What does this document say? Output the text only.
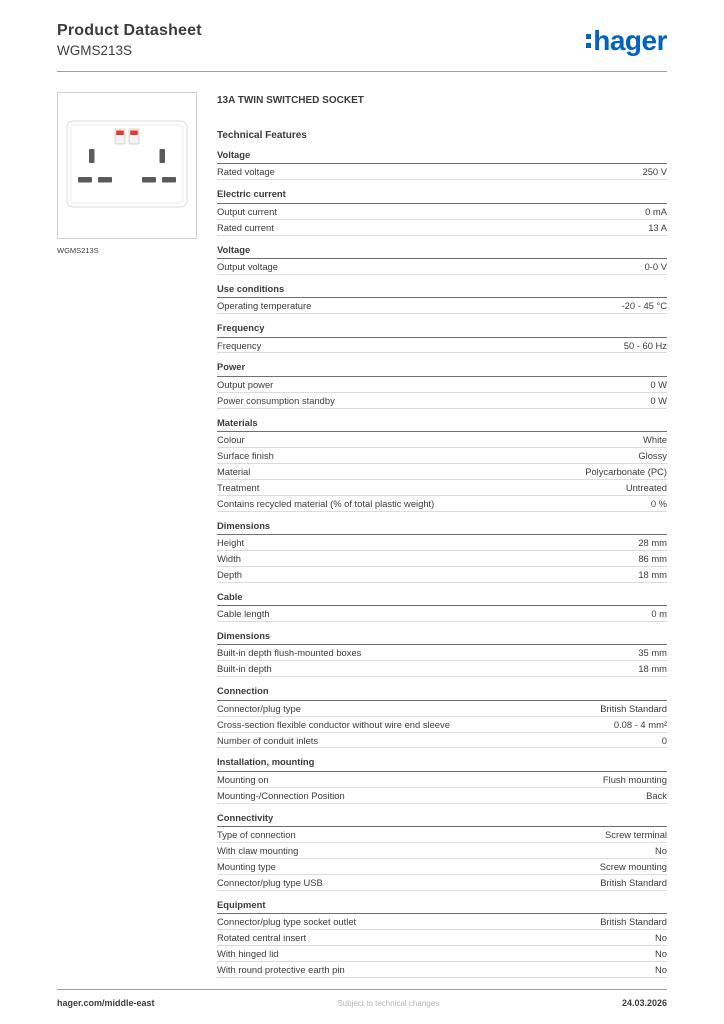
Product Datasheet
WGMS213S	hager
WGMS213S
13A TWIN SWITCHED SOCKET
Technical Features
Voltage
Rated voltage	250 V
Electric current
Output current	0 mA
Rated current	13 A
Voltage
Output voltage	0-0 V
Use conditions
Operating temperature	-20 - 45 °C
Frequency
Frequency	50 - 60 Hz
Power
Output power	0 W
Power consumption standby	0 W
Materials
Colour	White
Surface finish	Glossy
Material	Polycarbonate (PC)
Treatment	Untreated
Contains recycled material (% of total plastic weight)	0 %
Dimensions
Height	28 mm
Width	86 mm
Depth	18 mm
Cable
Cable length	0 m
Dimensions
Built-in depth flush-mounted boxes	35 mm
Built-in depth	18 mm
Connection
Connector/plug type	British Standard
Cross-section flexible conductor without wire end sleeve	0.08 - 4 mm²
Number of conduit inlets	0
Installation, mounting
Mounting on	Flush mounting
Mounting-/Connection Position	Back
Connectivity
Type of connection	Screw terminal
With claw mounting	No
Mounting type	Screw mounting
Connector/plug type USB	British Standard
Equipment
Connector/plug type socket outlet	British Standard
Rotated central insert	No
With hinged lid	No
With round protective earth pin	No
hager.com/middle-east	Subject to technical changes	24.03.2026
